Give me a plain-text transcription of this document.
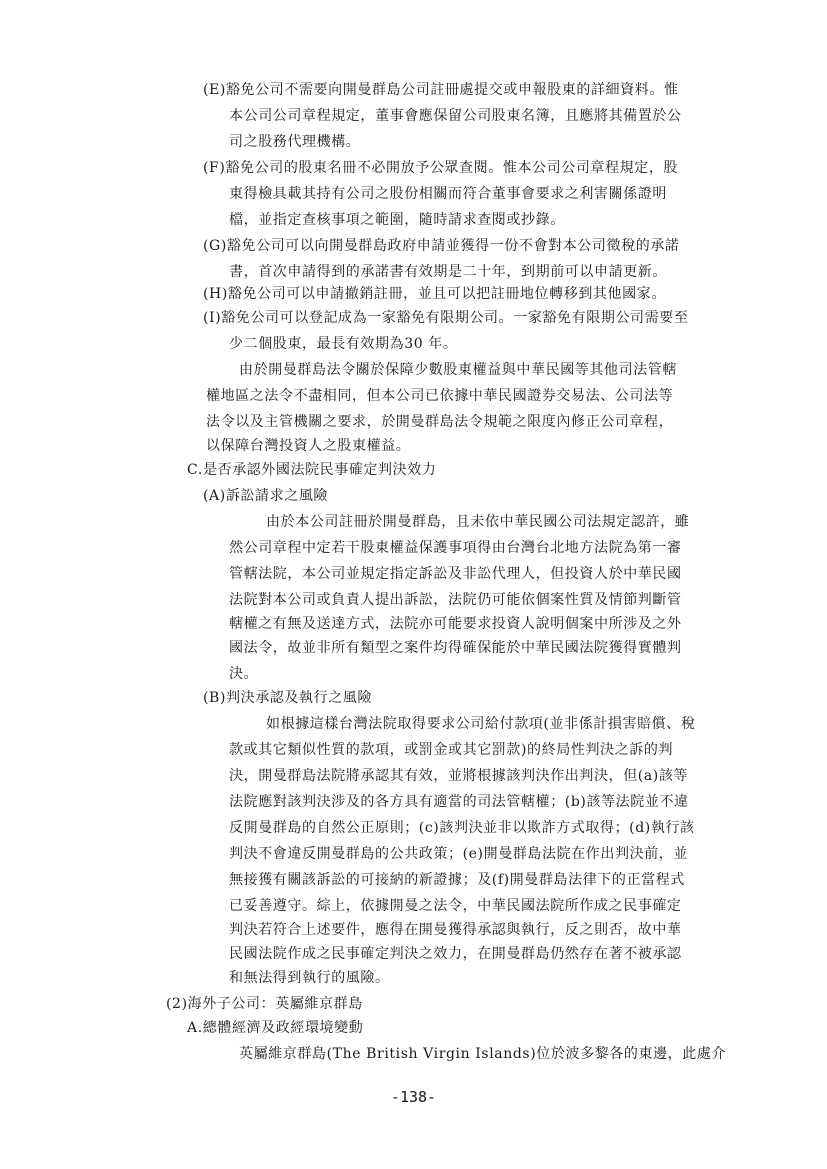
(E)豁免公司不需要向開曼群島公司註冊處提交或申報股東的詳細資料。惟
本公司公司章程規定，董事會應保留公司股東名簿，且應將其備置於公
司之股務代理機構。
(F)豁免公司的股東名冊不必開放予公眾查閱。惟本公司公司章程規定，股
東得檢具載其持有公司之股份相關而符合董事會要求之利害關係證明
檔，並指定查核事項之範圍，隨時請求查閱或抄錄。
(G)豁免公司可以向開曼群島政府申請並獲得一份不會對本公司徵稅的承諾
書，首次申請得到的承諾書有效期是二十年，到期前可以申請更新。
(H)豁免公司可以申請撤銷註冊，並且可以把註冊地位轉移到其他國家。
(I)豁免公司可以登記成為一家豁免有限期公司。一家豁免有限期公司需要至
少二個股東，最長有效期為30 年。
由於開曼群島法令關於保障少數股東權益與中華民國等其他司法管轄
權地區之法令不盡相同，但本公司已依據中華民國證券交易法、公司法等
法令以及主管機關之要求，於開曼群島法令規範之限度內修正公司章程，
以保障台灣投資人之股東權益。
C.是否承認外國法院民事確定判決效力
(A)訴訟請求之風險
由於本公司註冊於開曼群島，且未依中華民國公司法規定認許，雖
然公司章程中定若干股東權益保護事項得由台灣台北地方法院為第一審
管轄法院，本公司並規定指定訴訟及非訟代理人，但投資人於中華民國
法院對本公司或負責人提出訴訟，法院仍可能依個案性質及情節判斷管
轄權之有無及送達方式，法院亦可能要求投資人說明個案中所涉及之外
國法令，故並非所有類型之案件均得確保能於中華民國法院獲得實體判
決。
(B)判決承認及執行之風險
如根據這樣台灣法院取得要求公司給付款項(並非係計損害賠償、稅
款或其它類似性質的款項，或罰金或其它罰款)的終局性判決之訴的判
決，開曼群島法院將承認其有效，並將根據該判決作出判決，但(a)該等
法院應對該判決涉及的各方具有適當的司法管轄權；(b)該等法院並不違
反開曼群島的自然公正原則；(c)該判決並非以欺詐方式取得；(d)執行該
判決不會違反開曼群島的公共政策；(e)開曼群島法院在作出判決前，並
無接獲有關該訴訟的可接納的新證據；及(f)開曼群島法律下的正當程式
已妥善遵守。綜上，依據開曼之法令，中華民國法院所作成之民事確定
判決若符合上述要件，應得在開曼獲得承認與執行，反之則否，故中華
民國法院作成之民事確定判決之效力，在開曼群島仍然存在著不被承認
和無法得到執行的風險。
(2)海外子公司：英屬維京群島
A.總體經濟及政經環境變動
英屬維京群島(The British Virgin Islands)位於波多黎各的東邊，此處介
-138-
